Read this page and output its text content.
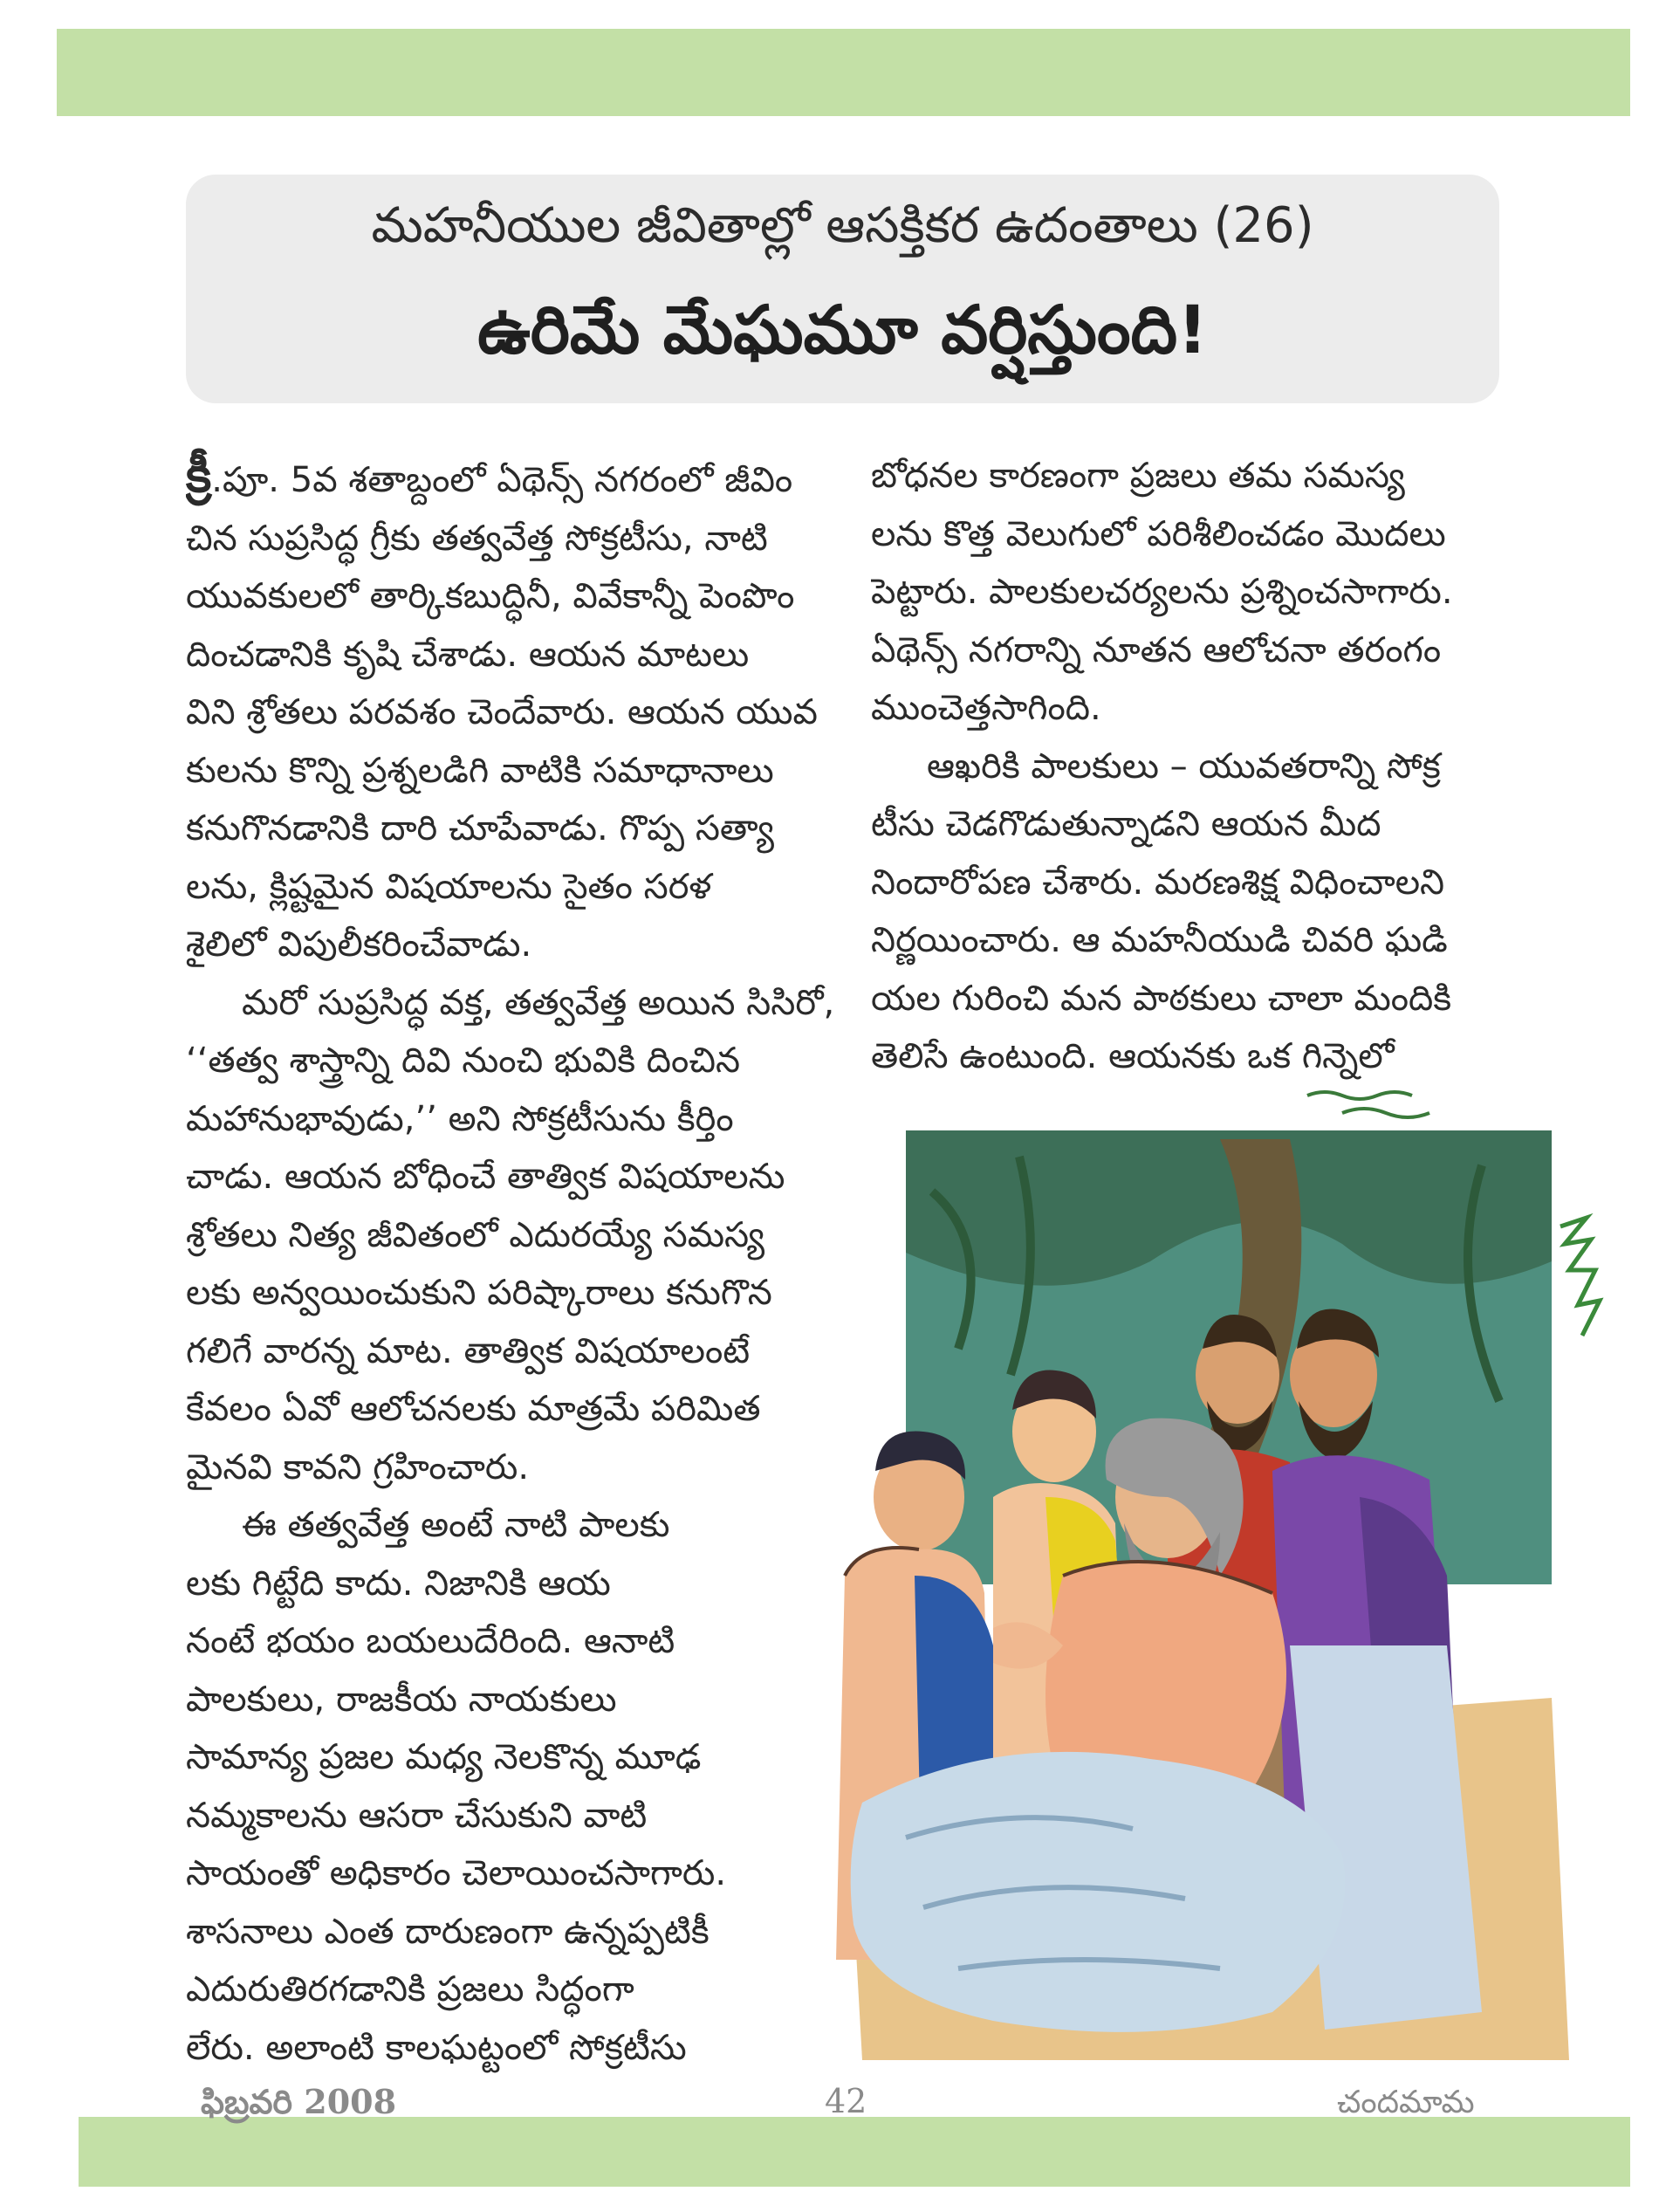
మహనీయుల జీవితాల్లో ఆసక్తికర ఉదంతాలు (26)
ఉరిమే మేఘమూ వర్షిస్తుంది!

క్రీ.పూ. 5వ శతాబ్దంలో ఏథెన్స్ నగరంలో జీవిం
చిన సుప్రసిద్ధ గ్రీకు తత్వవేత్త సోక్రటీసు, నాటి
యువకులలో తార్కికబుద్ధినీ, వివేకాన్నీ పెంపొం
దించడానికి కృషి చేశాడు. ఆయన మాటలు
విని శ్రోతలు పరవశం చెందేవారు. ఆయన యువ
కులను కొన్ని ప్రశ్నలడిగి వాటికి సమాధానాలు
కనుగొనడానికి దారి చూపేవాడు. గొప్ప సత్యా
లను, క్లిష్టమైన విషయాలను సైతం సరళ
శైలిలో విపులీకరించేవాడు.

మరో సుప్రసిద్ధ వక్త, తత్వవేత్త అయిన సిసిరో,
‘‘తత్వ శాస్త్రాన్ని దివి నుంచి భువికి దించిన
మహానుభావుడు,’’ అని సోక్రటీసును కీర్తిం
చాడు. ఆయన బోధించే తాత్విక విషయాలను
శ్రోతలు నిత్య జీవితంలో ఎదురయ్యే సమస్య
లకు అన్వయించుకుని పరిష్కారాలు కనుగొన
గలిగే వారన్న మాట. తాత్విక విషయాలంటే
కేవలం ఏవో ఆలోచనలకు మాత్రమే పరిమిత
మైనవి కావని గ్రహించారు.

ఈ తత్వవేత్త అంటే నాటి పాలకు
లకు గిట్టేది కాదు. నిజానికి ఆయ
నంటే భయం బయలుదేరింది. ఆనాటి
పాలకులు, రాజకీయ నాయకులు
సామాన్య ప్రజల మధ్య నెలకొన్న మూఢ
నమ్మకాలను ఆసరా చేసుకుని వాటి
సాయంతో అధికారం చెలాయించసాగారు.
శాసనాలు ఎంత దారుణంగా ఉన్నప్పటికీ
ఎదురుతిరగడానికి ప్రజలు సిద్ధంగా
లేరు. అలాంటి కాలఘట్టంలో సోక్రటీసు

బోధనల కారణంగా ప్రజలు తమ సమస్య
లను కొత్త వెలుగులో పరిశీలించడం మొదలు
పెట్టారు. పాలకులచర్యలను ప్రశ్నించసాగారు.
ఏథెన్స్ నగరాన్ని నూతన ఆలోచనా తరంగం
ముంచెత్తసాగింది.

ఆఖరికి పాలకులు – యువతరాన్ని సోక్ర
టీసు చెడగొడుతున్నాడని ఆయన మీద
నిందారోపణ చేశారు. మరణశిక్ష విధించాలని
నిర్ణయించారు. ఆ మహనీయుడి చివరి ఘడి
యల గురించి మన పాఠకులు చాలా మందికి
తెలిసే ఉంటుంది. ఆయనకు ఒక గిన్నెలో

ఫిబ్రవరి 2008	42	చందమామ
